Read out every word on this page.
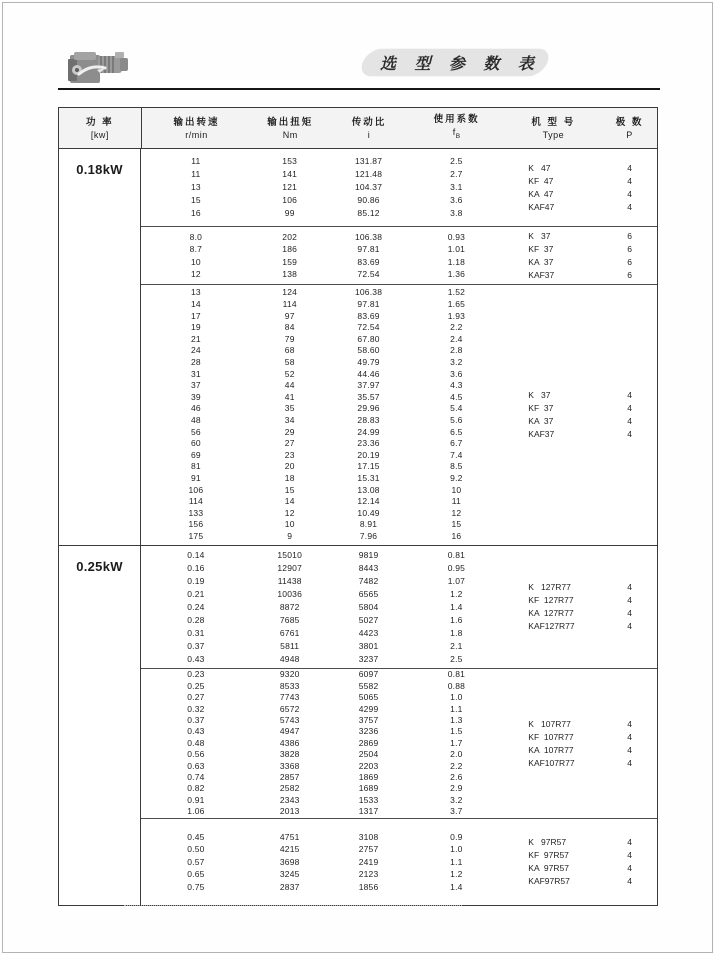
选 型 参 数 表
功 率
[kw]
输出转速
r/min
输出扭矩
Nm
传动比
i
使用系数
$f_B$
机 型 号
Type
极 数
P
0.18kW
11
11
13
15
16
153
141
121
106
99
131.87
121.48
104.37
90.86
85.12
2.5
2.7
3.1
3.6
3.8
K   47
KF  47
KA  47
KAF47
4
4
4
4
8.0
8.7
10
12
202
186
159
138
106.38
97.81
83.69
72.54
0.93
1.01
1.18
1.36
K   37
KF  37
KA  37
KAF37
6
6
6
6
13
14
17
19
21
24
28
31
37
39
46
48
56
60
69
81
91
106
114
133
156
175
124
114
97
84
79
68
58
52
44
41
35
34
29
27
23
20
18
15
14
12
10
9
106.38
97.81
83.69
72.54
67.80
58.60
49.79
44.46
37.97
35.57
29.96
28.83
24.99
23.36
20.19
17.15
15.31
13.08
12.14
10.49
8.91
7.96
1.52
1.65
1.93
2.2
2.4
2.8
3.2
3.6
4.3
4.5
5.4
5.6
6.5
6.7
7.4
8.5
9.2
10
11
12
15
16
K   37
KF  37
KA  37
KAF37
4
4
4
4
0.25kW
0.14
0.16
0.19
0.21
0.24
0.28
0.31
0.37
0.43
15010
12907
11438
10036
8872
7685
6761
5811
4948
9819
8443
7482
6565
5804
5027
4423
3801
3237
0.81
0.95
1.07
1.2
1.4
1.6
1.8
2.1
2.5
K   127R77
KF  127R77
KA  127R77
KAF127R77
4
4
4
4
0.23
0.25
0.27
0.32
0.37
0.43
0.48
0.56
0.63
0.74
0.82
0.91
1.06
9320
8533
7743
6572
5743
4947
4386
3828
3368
2857
2582
2343
2013
6097
5582
5065
4299
3757
3236
2869
2504
2203
1869
1689
1533
1317
0.81
0.88
1.0
1.1
1.3
1.5
1.7
2.0
2.2
2.6
2.9
3.2
3.7
K   107R77
KF  107R77
KA  107R77
KAF107R77
4
4
4
4
0.45
0.50
0.57
0.65
0.75
4751
4215
3698
3245
2837
3108
2757
2419
2123
1856
0.9
1.0
1.1
1.2
1.4
K   97R57
KF  97R57
KA  97R57
KAF97R57
4
4
4
4
